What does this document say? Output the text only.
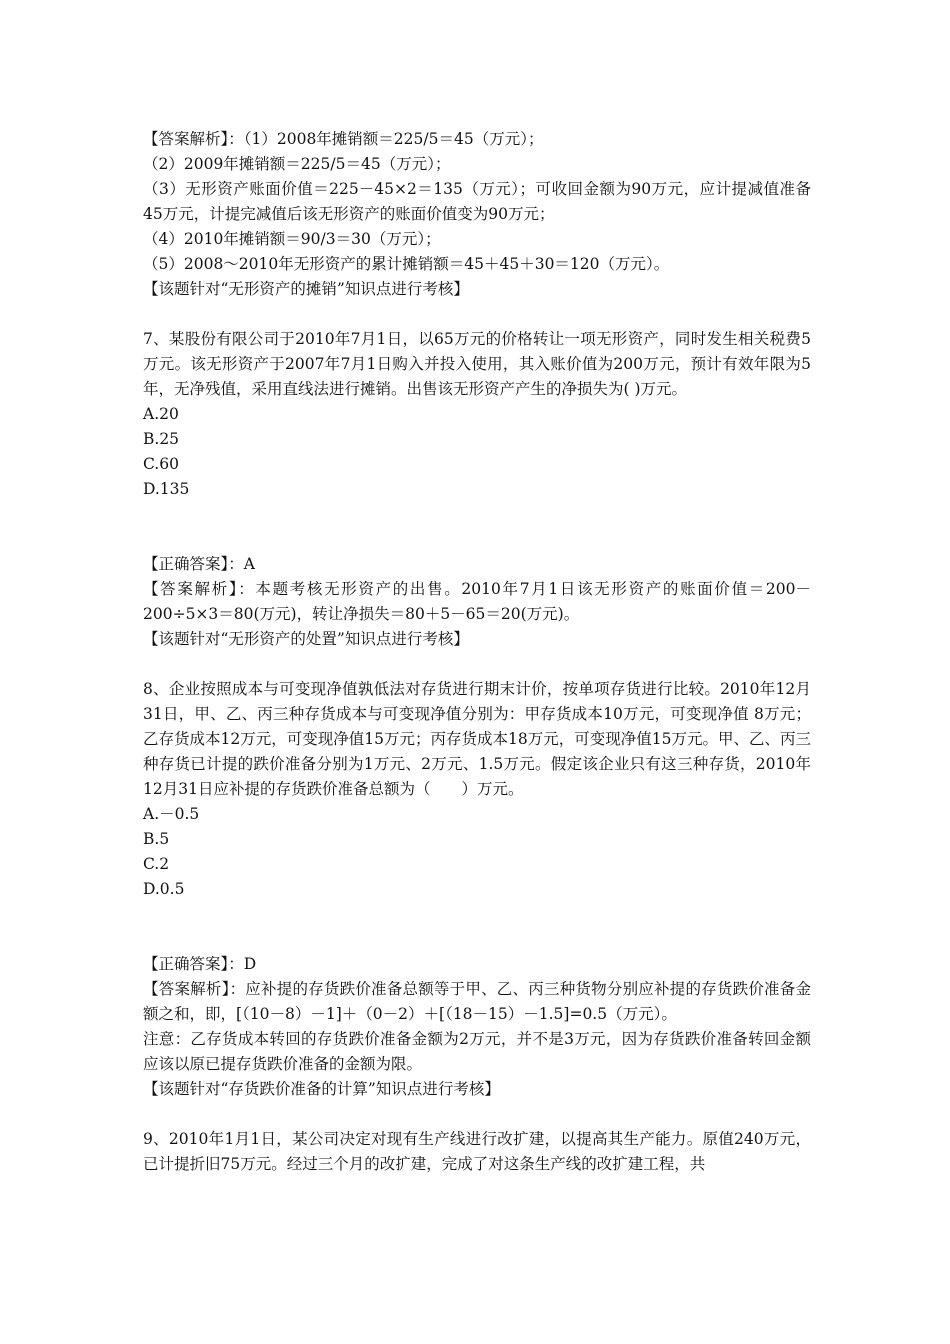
【答案解析】：（1）2008年摊销额＝225/5＝45（万元）；
（2）2009年摊销额＝225/5＝45（万元）；
（3）无形资产账面价值＝225－45×2＝135（万元）；可收回金额为90万元，应计提减值准备45万元，计提完减值后该无形资产的账面价值变为90万元；
（4）2010年摊销额＝90/3＝30（万元）；
（5）2008～2010年无形资产的累计摊销额＝45＋45＋30＝120（万元）。
【该题针对“无形资产的摊销”知识点进行考核】
7、某股份有限公司于2010年7月1日，以65万元的价格转让一项无形资产，同时发生相关税费5万元。该无形资产于2007年7月1日购入并投入使用，其入账价值为200万元，预计有效年限为5年，无净残值，采用直线法进行摊销。出售该无形资产产生的净损失为( )万元。
A.20
B.25
C.60
D.135
【正确答案】：A
【答案解析】：本题考核无形资产的出售。2010年7月1日该无形资产的账面价值＝200－200÷5×3＝80(万元)，转让净损失＝80＋5－65＝20(万元)。
【该题针对“无形资产的处置”知识点进行考核】
8、企业按照成本与可变现净值孰低法对存货进行期末计价，按单项存货进行比较。2010年12月31日，甲、乙、丙三种存货成本与可变现净值分别为：甲存货成本10万元，可变现净值 8万元；乙存货成本12万元，可变现净值15万元；丙存货成本18万元，可变现净值15万元。甲、乙、丙三种存货已计提的跌价准备分别为1万元、2万元、1.5万元。假定该企业只有这三种存货，2010年12月31日应补提的存货跌价准备总额为（　　）万元。
A.－0.5
B.5
C.2
D.0.5
【正确答案】：D
【答案解析】：应补提的存货跌价准备总额等于甲、乙、丙三种货物分别应补提的存货跌价准备金额之和，即，[（10－8）－1]＋（0－2）＋[（18－15）－1.5]=0.5（万元）。
注意：乙存货成本转回的存货跌价准备金额为2万元，并不是3万元，因为存货跌价准备转回金额应该以原已提存货跌价准备的金额为限。
【该题针对“存货跌价准备的计算”知识点进行考核】
9、2010年1月1日，某公司决定对现有生产线进行改扩建，以提高其生产能力。原值240万元，已计提折旧75万元。经过三个月的改扩建，完成了对这条生产线的改扩建工程，共
